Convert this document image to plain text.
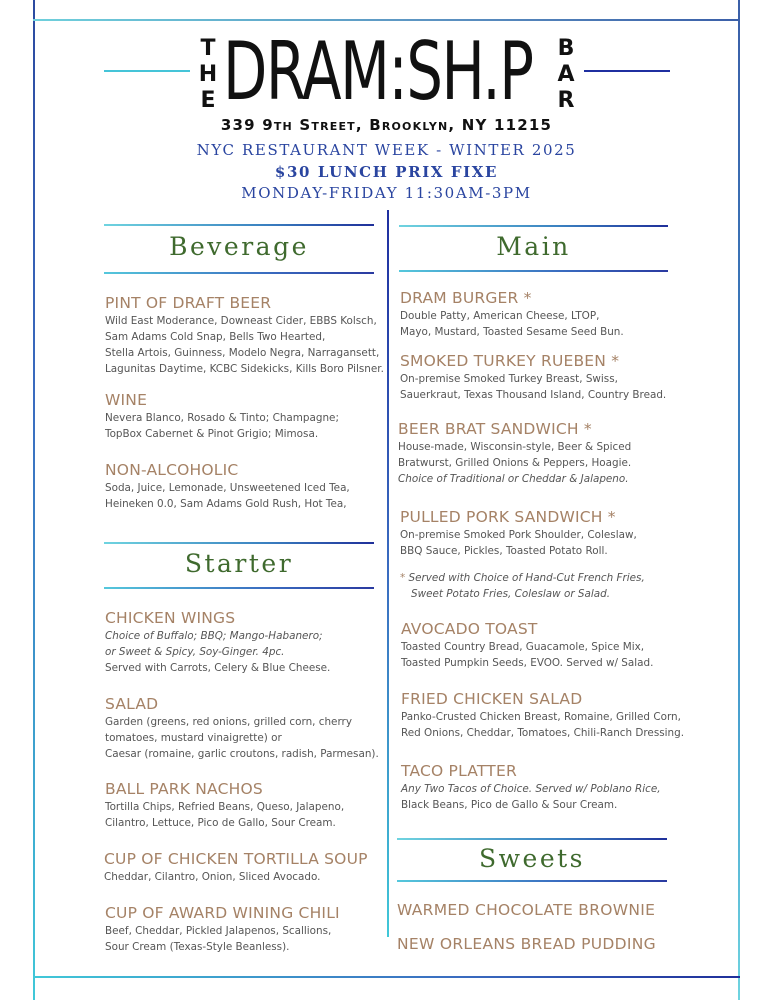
T
H
E DRAM:SH.P B
A
R
339 9th Street, Brooklyn, NY 11215
NYC RESTAURANT WEEK - WINTER 2025
$30 LUNCH PRIX FIXE
MONDAY-FRIDAY 11:30AM-3PM
Beverage
PINT OF DRAFT BEER
Wild East Moderance, Downeast Cider, EBBS Kolsch,
Sam Adams Cold Snap, Bells Two Hearted,
Stella Artois, Guinness, Modelo Negra, Narragansett,
Lagunitas Daytime, KCBC Sidekicks, Kills Boro Pilsner.
WINE
Nevera Blanco, Rosado & Tinto; Champagne;
TopBox Cabernet & Pinot Grigio; Mimosa.
NON-ALCOHOLIC
Soda, Juice, Lemonade, Unsweetened Iced Tea,
Heineken 0.0, Sam Adams Gold Rush, Hot Tea,
Starter
CHICKEN WINGS
Choice of Buffalo; BBQ; Mango-Habanero;
or Sweet & Spicy, Soy-Ginger. 4pc.
Served with Carrots, Celery & Blue Cheese.
SALAD
Garden (greens, red onions, grilled corn, cherry
tomatoes, mustard vinaigrette) or
Caesar (romaine, garlic croutons, radish, Parmesan).
BALL PARK NACHOS
Tortilla Chips, Refried Beans, Queso, Jalapeno,
Cilantro, Lettuce, Pico de Gallo, Sour Cream.
CUP OF CHICKEN TORTILLA SOUP
Cheddar, Cilantro, Onion, Sliced Avocado.
CUP OF AWARD WINING CHILI
Beef, Cheddar, Pickled Jalapenos, Scallions,
Sour Cream (Texas-Style Beanless).
Main
DRAM BURGER *
Double Patty, American Cheese, LTOP,
Mayo, Mustard, Toasted Sesame Seed Bun.
SMOKED TURKEY RUEBEN *
On-premise Smoked Turkey Breast, Swiss,
Sauerkraut, Texas Thousand Island, Country Bread.
BEER BRAT SANDWICH *
House-made, Wisconsin-style, Beer & Spiced
Bratwurst, Grilled Onions & Peppers, Hoagie.
Choice of Traditional or Cheddar & Jalapeno.
PULLED PORK SANDWICH *
On-premise Smoked Pork Shoulder, Coleslaw,
BBQ Sauce, Pickles, Toasted Potato Roll.
* Served with Choice of Hand-Cut French Fries,
Sweet Potato Fries, Coleslaw or Salad.
AVOCADO TOAST
Toasted Country Bread, Guacamole, Spice Mix,
Toasted Pumpkin Seeds, EVOO. Served w/ Salad.
FRIED CHICKEN SALAD
Panko-Crusted Chicken Breast, Romaine, Grilled Corn,
Red Onions, Cheddar, Tomatoes, Chili-Ranch Dressing.
TACO PLATTER
Any Two Tacos of Choice. Served w/ Poblano Rice,
Black Beans, Pico de Gallo & Sour Cream.
Sweets
WARMED CHOCOLATE BROWNIE
NEW ORLEANS BREAD PUDDING
